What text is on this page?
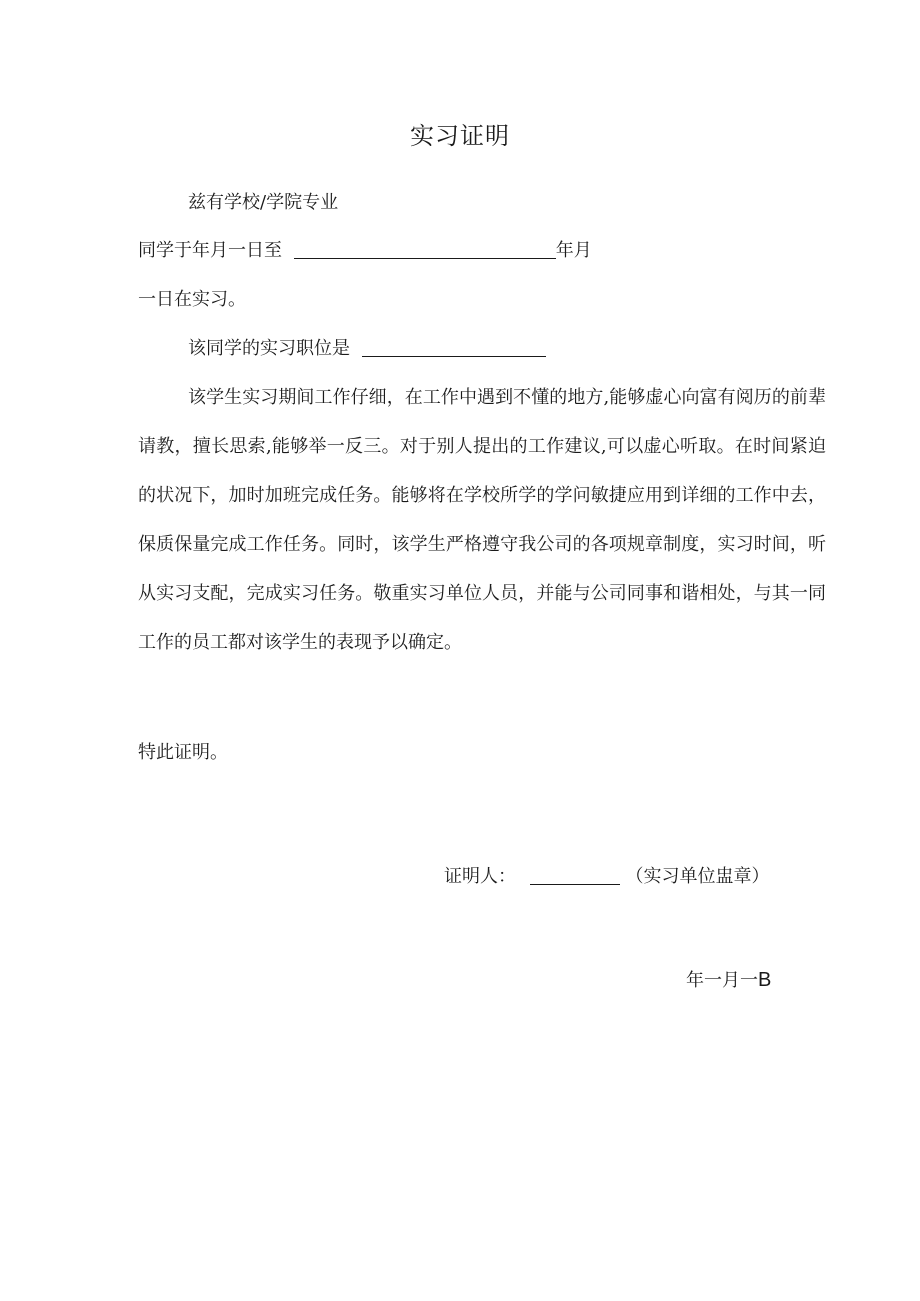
实习证明
兹有学校/学院专业
同学于年月一日至	年月
一日在实习。
该同学的实习职位是
该学生实习期间工作仔细，在工作中遇到不懂的地方,能够虚心向富有阅历的前辈请教，擅长思索,能够举一反三。对于别人提出的工作建议,可以虚心听取。在时间紧迫的状况下，加时加班完成任务。能够将在学校所学的学问敏捷应用到详细的工作中去，保质保量完成工作任务。同时，该学生严格遵守我公司的各项规章制度，实习时间，听从实习支配，完成实习任务。敬重实习单位人员，并能与公司同事和谐相处，与其一同工作的员工都对该学生的表现予以确定。
特此证明。
证明人：	（实习单位盅章）
年一月一B
